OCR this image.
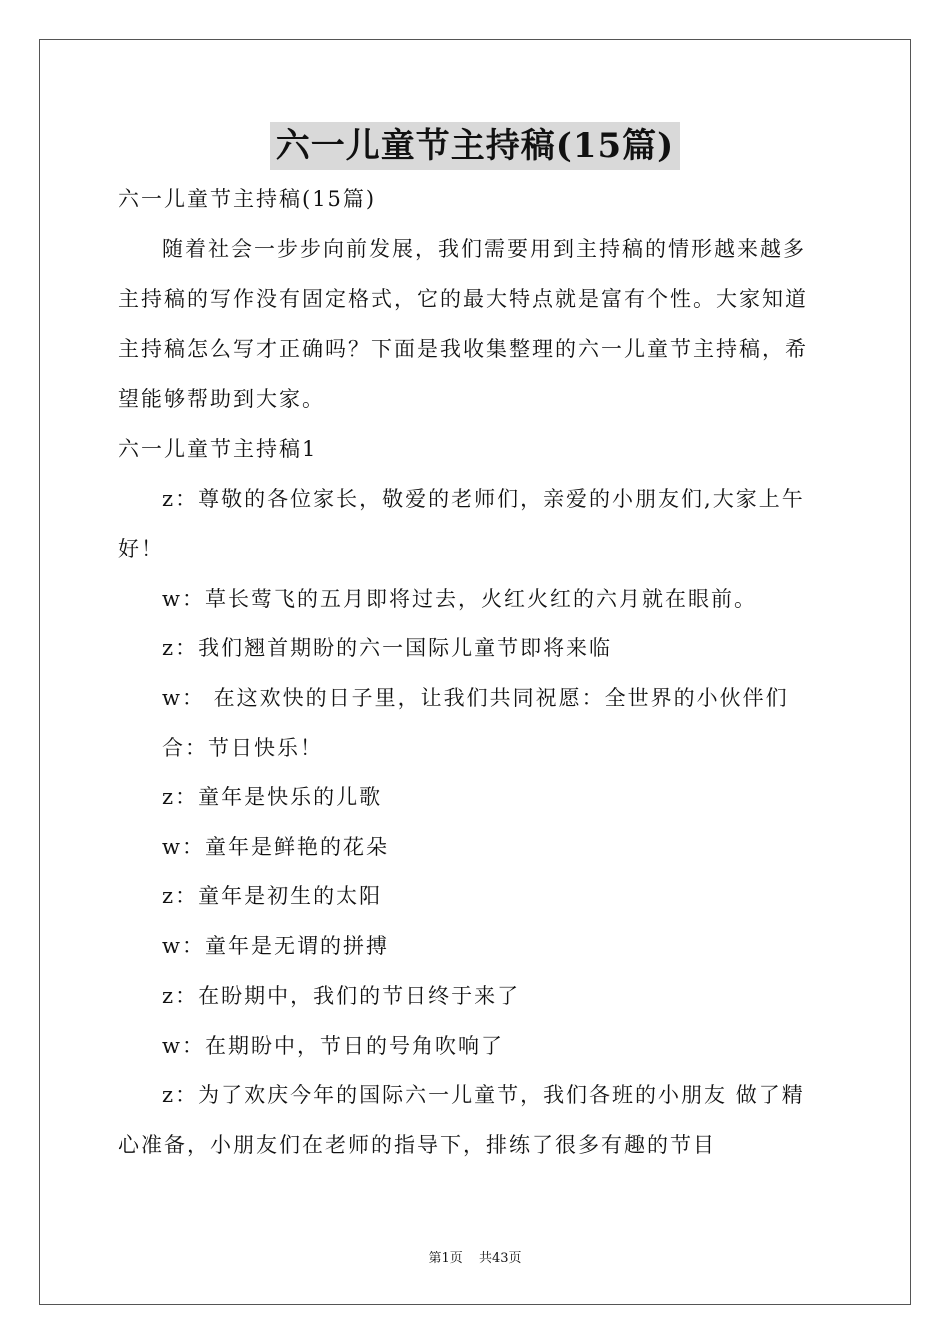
六一儿童节主持稿(15篇)
六一儿童节主持稿(15篇)
随着社会一步步向前发展，我们需要用到主持稿的情形越来越多
主持稿的写作没有固定格式，它的最大特点就是富有个性。大家知道
主持稿怎么写才正确吗？下面是我收集整理的六一儿童节主持稿，希
望能够帮助到大家。
六一儿童节主持稿1
z：尊敬的各位家长，敬爱的老师们，亲爱的小朋友们,大家上午
好！
w：草长莺飞的五月即将过去，火红火红的六月就在眼前。
z：我们翘首期盼的六一国际儿童节即将来临
w： 在这欢快的日子里，让我们共同祝愿：全世界的小伙伴们
合：节日快乐！
z：童年是快乐的儿歌
w：童年是鲜艳的花朵
z：童年是初生的太阳
w：童年是无谓的拼搏
z：在盼期中，我们的节日终于来了
w：在期盼中，节日的号角吹响了
z：为了欢庆今年的国际六一儿童节，我们各班的小朋友 做了精
心准备，小朋友们在老师的指导下，排练了很多有趣的节目
第1页 共43页
